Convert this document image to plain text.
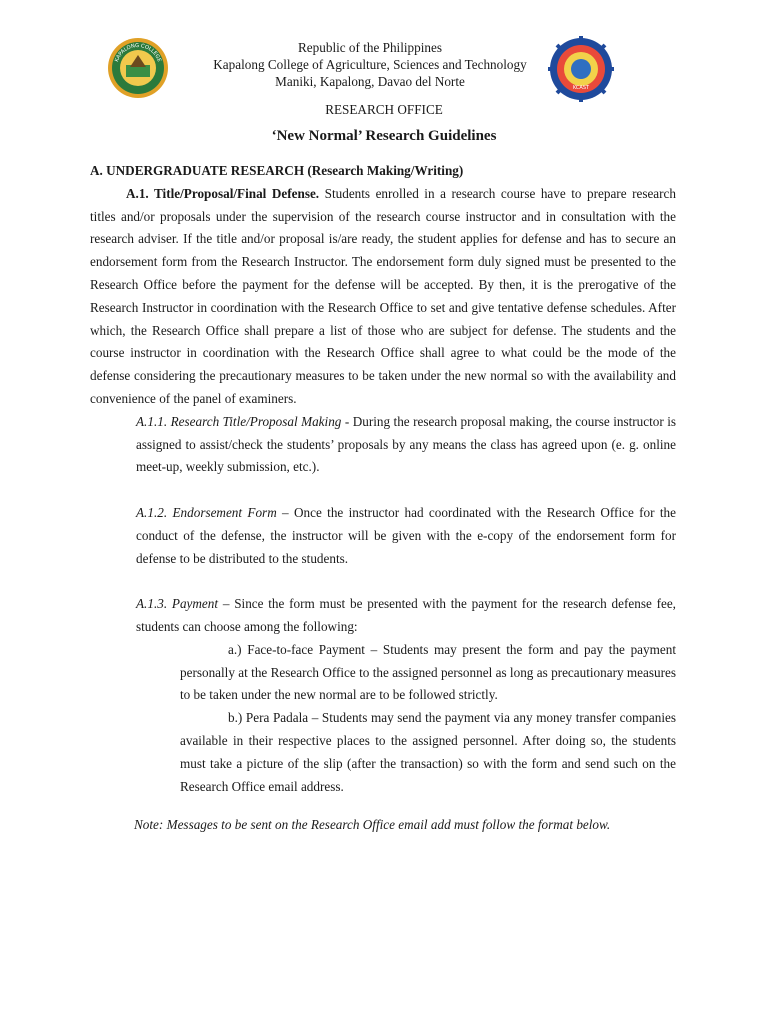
KAPALONG COLLEGE
KCAST
Republic of the Philippines
Kapalong College of Agriculture, Sciences and Technology
Maniki, Kapalong, Davao del Norte
RESEARCH OFFICE
‘New Normal’ Research Guidelines

A. UNDERGRADUATE RESEARCH (Research Making/Writing)

A.1. Title/Proposal/Final Defense. Students enrolled in a research course have to prepare research titles and/or proposals under the supervision of the research course instructor and in consultation with the research adviser. If the title and/or proposal is/are ready, the student applies for defense and has to secure an endorsement form from the Research Instructor. The endorsement form duly signed must be presented to the Research Office before the payment for the defense will be accepted. By then, it is the prerogative of the Research Instructor in coordination with the Research Office to set and give tentative defense schedules. After which, the Research Office shall prepare a list of those who are subject for defense. The students and the course instructor in coordination with the Research Office shall agree to what could be the mode of the defense considering the precautionary measures to be taken under the new normal so with the availability and convenience of the panel of examiners.

A.1.1. Research Title/Proposal Making - During the research proposal making, the course instructor is assigned to assist/check the students’ proposals by any means the class has agreed upon (e. g. online meet-up, weekly submission, etc.).

A.1.2. Endorsement Form – Once the instructor had coordinated with the Research Office for the conduct of the defense, the instructor will be given with the e-copy of the endorsement form for defense to be distributed to the students.

A.1.3. Payment – Since the form must be presented with the payment for the research defense fee, students can choose among the following:

a.) Face-to-face Payment – Students may present the form and pay the payment personally at the Research Office to the assigned personnel as long as precautionary measures to be taken under the new normal are to be followed strictly.

b.) Pera Padala – Students may send the payment via any money transfer companies available in their respective places to the assigned personnel. After doing so, the students must take a picture of the slip (after the transaction) so with the form and send such on the Research Office email address.

Note: Messages to be sent on the Research Office email add must follow the format below.
